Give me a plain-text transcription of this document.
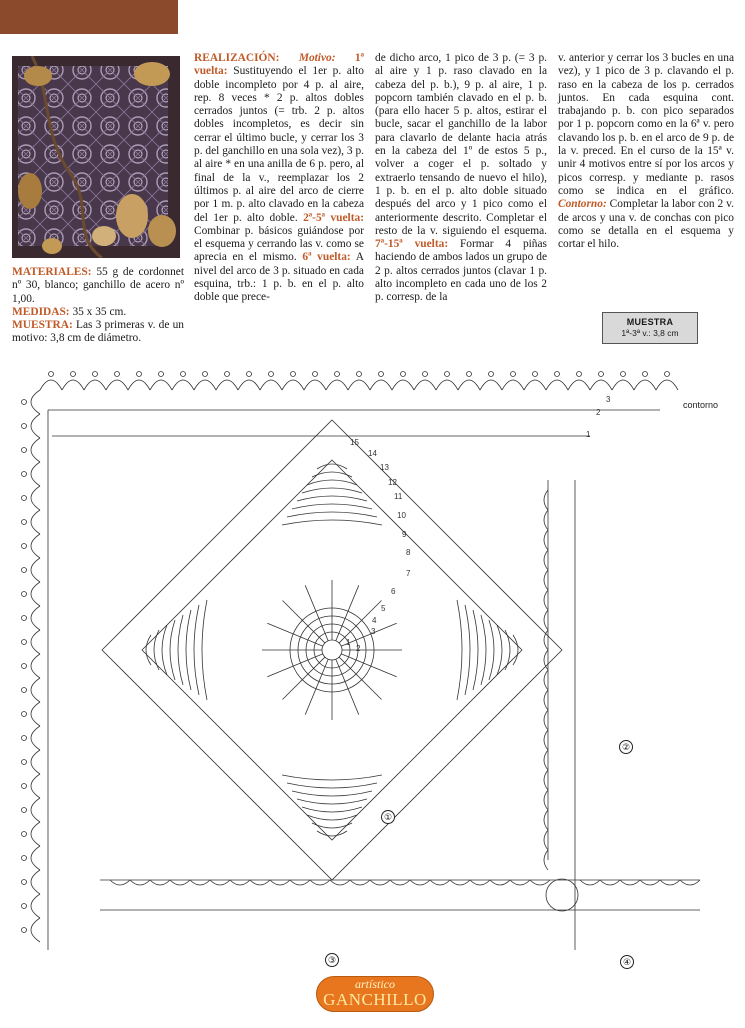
MATERIALES: 55 g de cordonnet nº 30, blanco; ganchillo de acero nº 1,00.
MEDIDAS: 35 x 35 cm.
MUESTRA: Las 3 primeras v. de un motivo: 3,8 cm de diámetro.
REALIZACIÓN: Motivo: 1ª vuelta: Sustituyendo el 1er p. alto doble incompleto por 4 p. al aire, rep. 8 veces * 2 p. altos dobles cerrados juntos (= trb. 2 p. altos dobles incompletos, es decir sin cerrar el último bucle, y cerrar los 3 p. del ganchillo en una sola vez), 3 p. al aire * en una anilla de 6 p. pero, al final de la v., reemplazar los 2 últimos p. al aire del arco de cierre por 1 m. p. alto clavado en la cabeza del 1er p. alto doble. 2ª-5ª vuelta: Combinar p. básicos guiándose por el esquema y cerrando las v. como se aprecia en el mismo. 6ª vuelta: A nivel del arco de 3 p. situado en cada esquina, trb.: 1 p. b. en el p. alto doble que prece-
de dicho arco, 1 pico de 3 p. (= 3 p. al aire y 1 p. raso clavado en la cabeza del p. b.), 9 p. al aire, 1 p. popcorn también clavado en el p. b. (para ello hacer 5 p. altos, estirar el bucle, sacar el ganchillo de la labor para clavarlo de delante hacia atrás en la cabeza del 1º de estos 5 p., volver a coger el p. soltado y extraerlo tensando de nuevo el hilo), 1 p. b. en el p. alto doble situado después del arco y 1 pico como el anteriormente descrito. Completar el resto de la v. siguiendo el esquema. 7ª-15ª vuelta: Formar 4 piñas haciendo de ambos lados un grupo de 2 p. altos cerrados juntos (clavar 1 p. alto incompleto en cada uno de los 2 p. corresp. de la
v. anterior y cerrar los 3 bucles en una vez), y 1 pico de 3 p. clavando el p. raso en la cabeza de los p. cerrados juntos. En cada esquina cont. trabajando p. b. con pico separados por 1 p. popcorn como en la 6ª v. pero clavando los p. b. en el arco de 9 p. de la v. preced. En el curso de la 15ª v. unir 4 motivos entre sí por los arcos y picos corresp. y mediante p. rasos como se indica en el gráfico. Contorno: Completar la labor con 2 v. de arcos y una v. de conchas con pico como se detalla en el esquema y cortar el hilo.
MUESTRA
1ª-3ª v.: 3,8 cm
contorno
15
14
13
12
11
10
9
8
7
6
5
4
3
2
1
1
2
3
①
②
③	④
artístico
GANCHILLO
